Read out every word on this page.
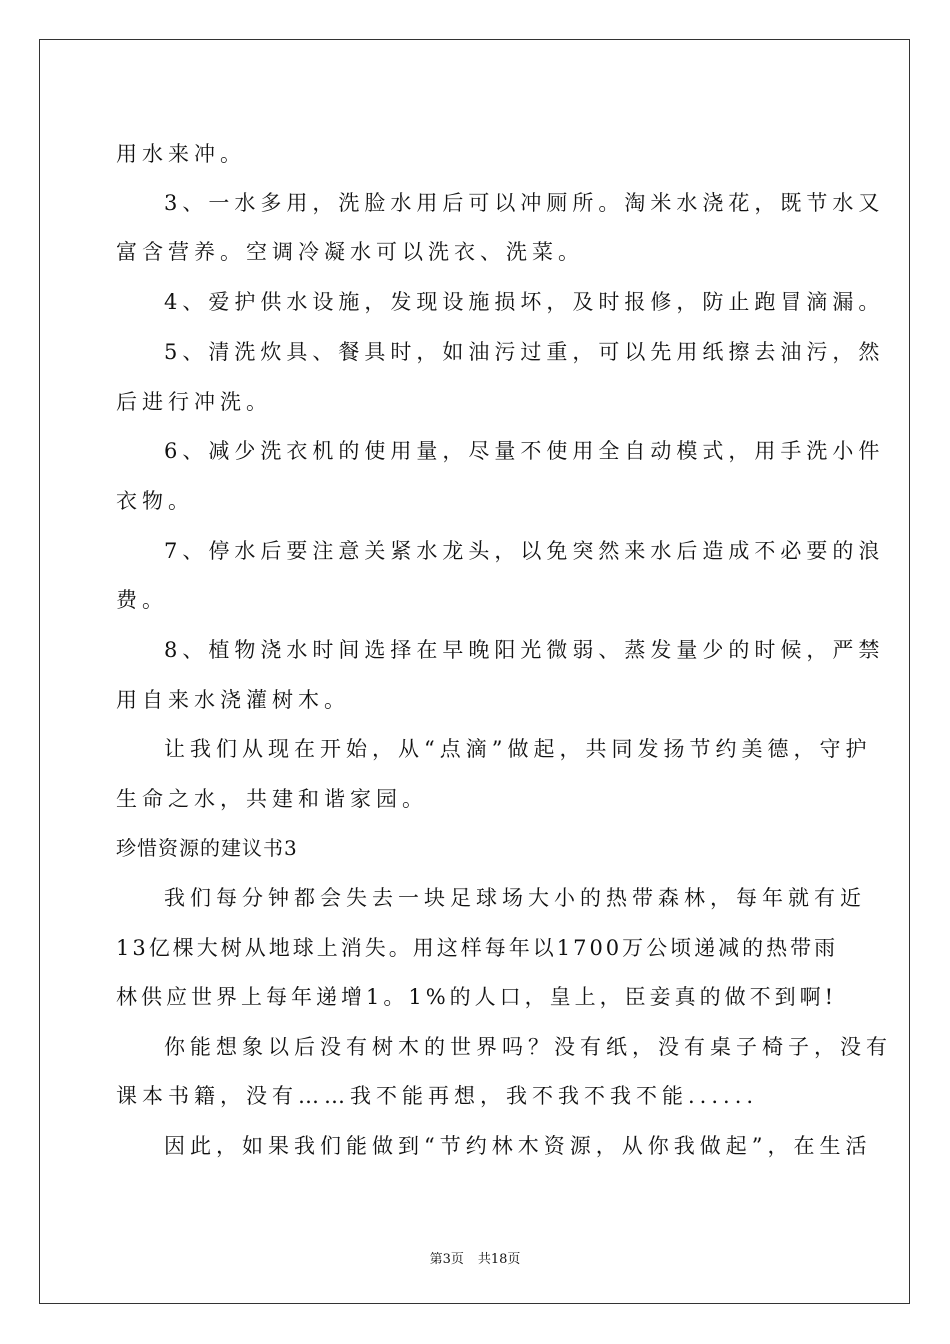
用水来冲。
3、一水多用，洗脸水用后可以冲厕所。淘米水浇花，既节水又
富含营养。空调冷凝水可以洗衣、洗菜。
4、爱护供水设施，发现设施损坏，及时报修，防止跑冒滴漏。
5、清洗炊具、餐具时，如油污过重，可以先用纸擦去油污，然
后进行冲洗。
6、减少洗衣机的使用量，尽量不使用全自动模式，用手洗小件
衣物。
7、停水后要注意关紧水龙头，以免突然来水后造成不必要的浪
费。
8、植物浇水时间选择在早晚阳光微弱、蒸发量少的时候，严禁
用自来水浇灌树木。
让我们从现在开始，从“点滴”做起，共同发扬节约美德，守护
生命之水，共建和谐家园。
珍惜资源的建议书3
我们每分钟都会失去一块足球场大小的热带森林，每年就有近
13亿棵大树从地球上消失。用这样每年以1700万公顷递减的热带雨
林供应世界上每年递增1。1%的人口，皇上，臣妾真的做不到啊!
你能想象以后没有树木的世界吗？没有纸，没有桌子椅子，没有
课本书籍，没有……我不能再想，我不我不我不能......
因此，如果我们能做到“节约林木资源，从你我做起”，在生活
第3页 共18页
